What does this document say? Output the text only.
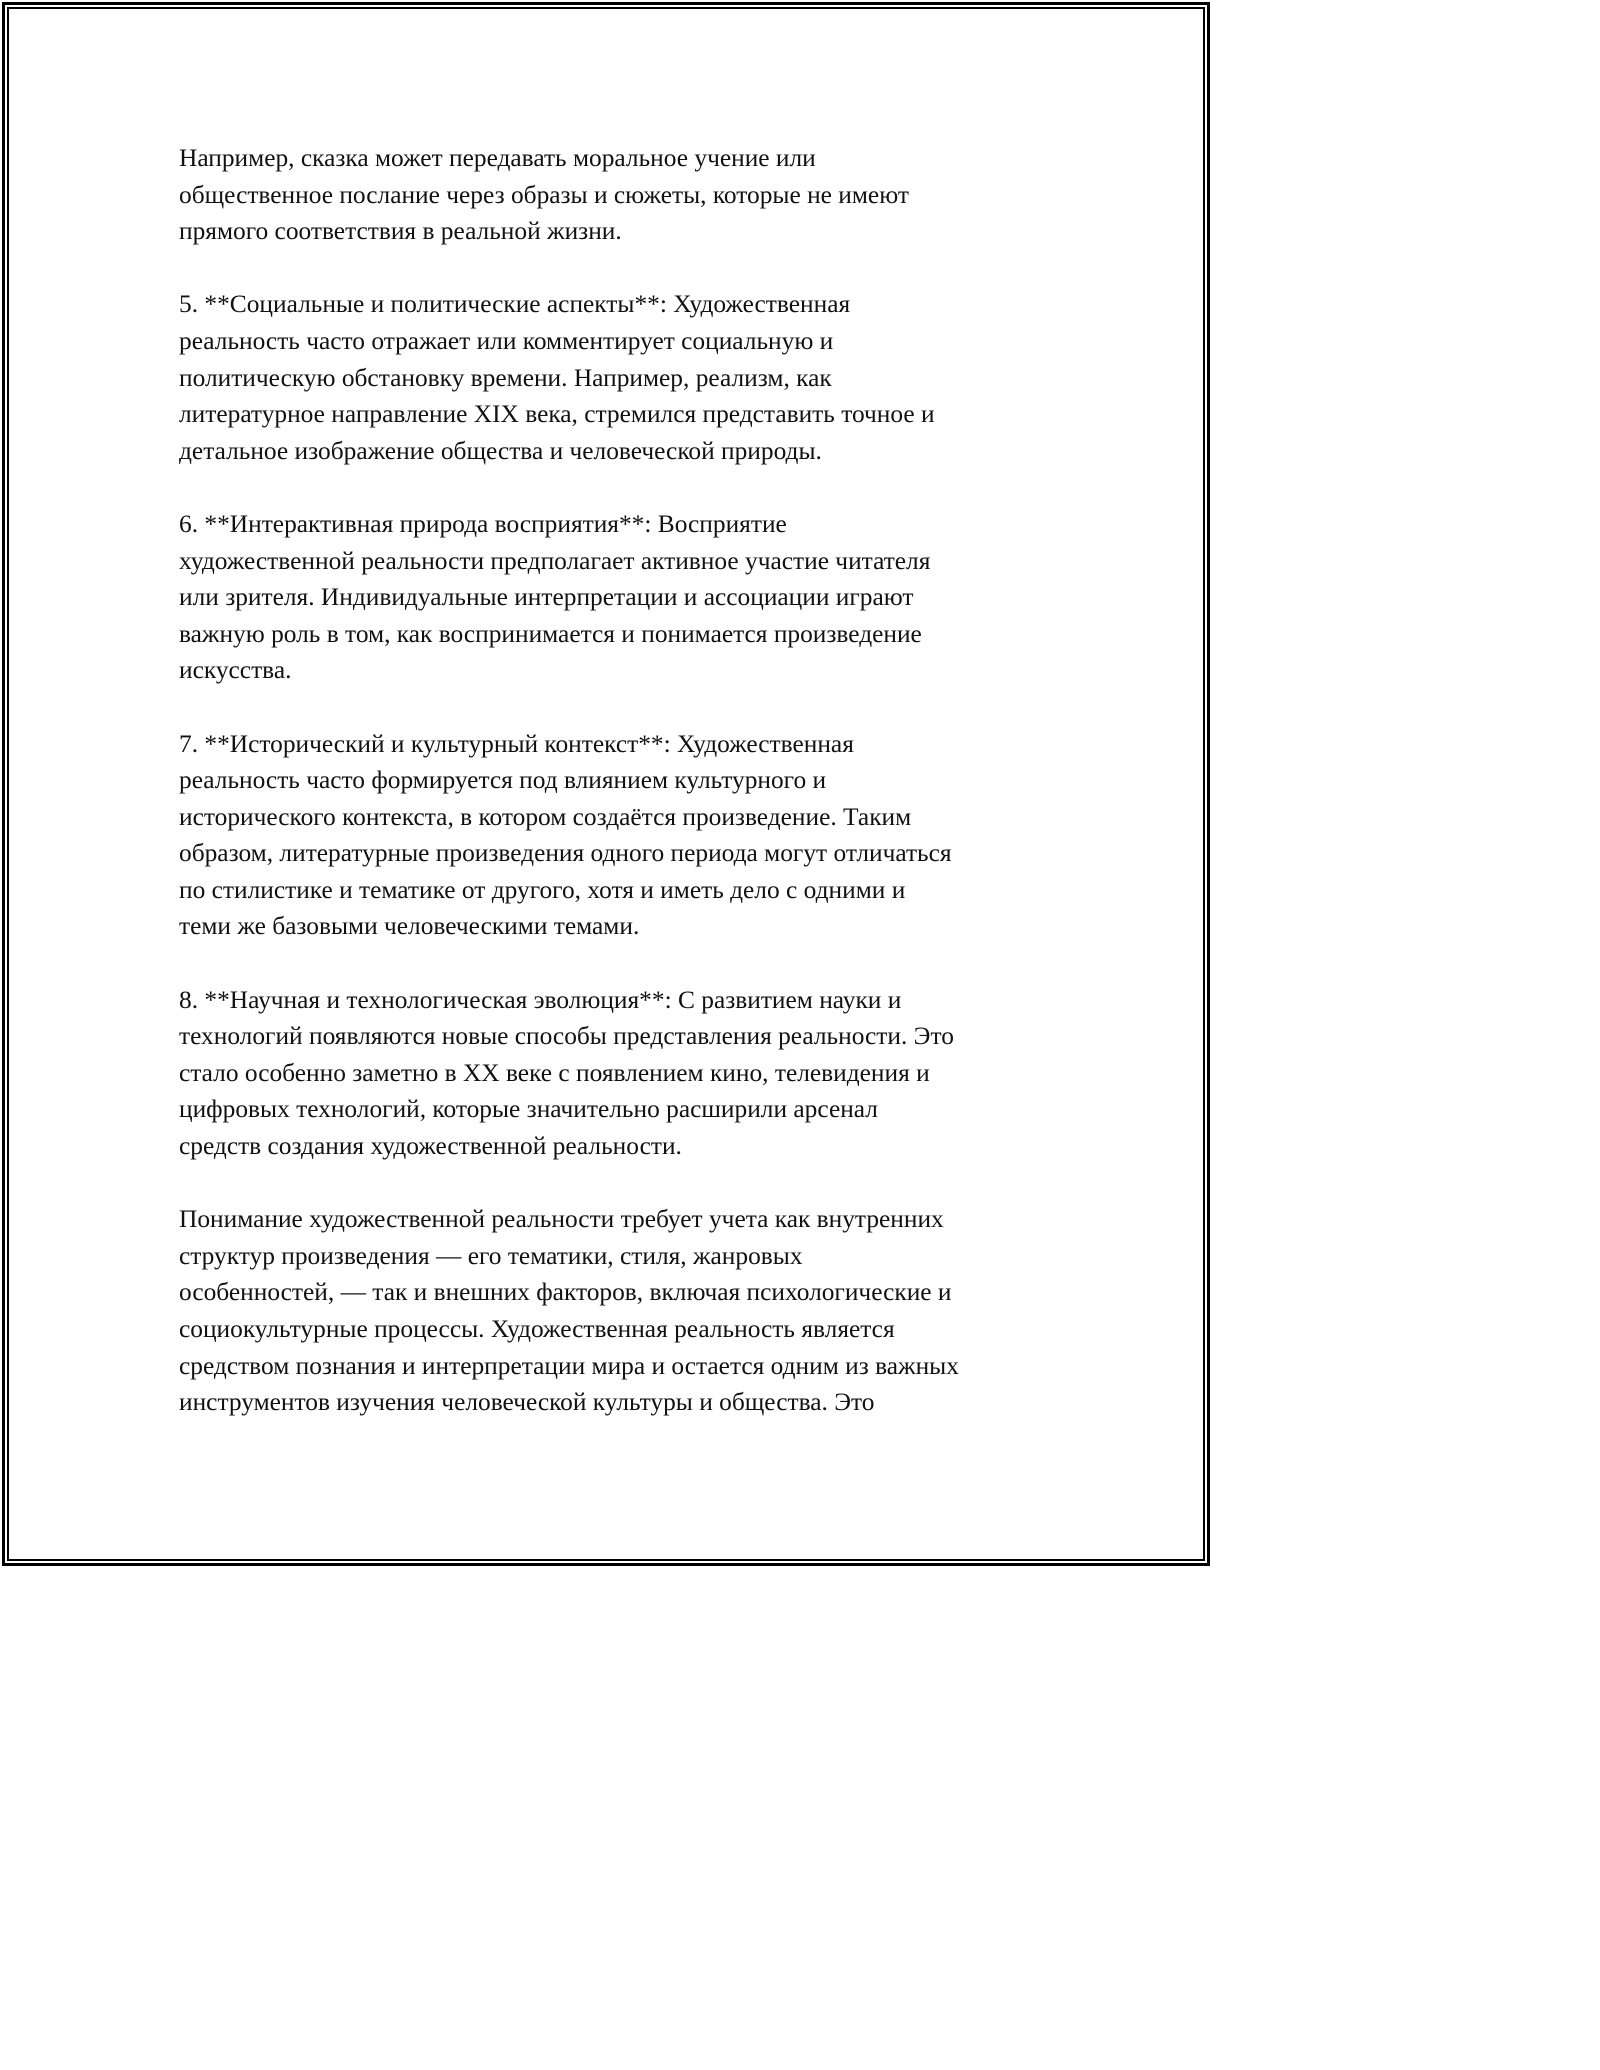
Например, сказка может передавать моральное учение или
общественное послание через образы и сюжеты, которые не имеют
прямого соответствия в реальной жизни.

5. **Социальные и политические аспекты**: Художественная
реальность часто отражает или комментирует социальную и
политическую обстановку времени. Например, реализм, как
литературное направление XIX века, стремился представить точное и
детальное изображение общества и человеческой природы.

6. **Интерактивная природа восприятия**: Восприятие
художественной реальности предполагает активное участие читателя
или зрителя. Индивидуальные интерпретации и ассоциации играют
важную роль в том, как воспринимается и понимается произведение
искусства.

7. **Исторический и культурный контекст**: Художественная
реальность часто формируется под влиянием культурного и
исторического контекста, в котором создаётся произведение. Таким
образом, литературные произведения одного периода могут отличаться
по стилистике и тематике от другого, хотя и иметь дело с одними и
теми же базовыми человеческими темами.

8. **Научная и технологическая эволюция**: С развитием науки и
технологий появляются новые способы представления реальности. Это
стало особенно заметно в XX веке с появлением кино, телевидения и
цифровых технологий, которые значительно расширили арсенал
средств создания художественной реальности.

Понимание художественной реальности требует учета как внутренних
структур произведения — его тематики, стиля, жанровых
особенностей, — так и внешних факторов, включая психологические и
социокультурные процессы. Художественная реальность является
средством познания и интерпретации мира и остается одним из важных
инструментов изучения человеческой культуры и общества. Это
